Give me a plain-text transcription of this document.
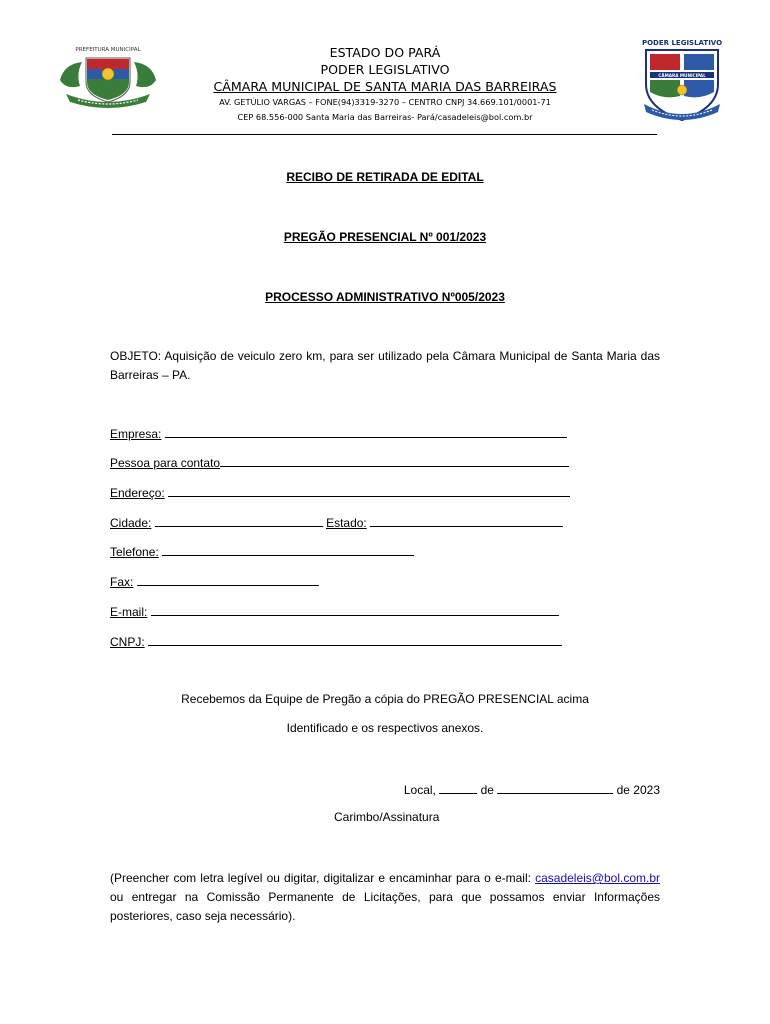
PREFEITURA MUNICIPAL
PODER LEGISLATIVO
CÂMARA MUNICIPAL
ESTADO DO PARÁ
PODER LEGISLATIVO
CÂMARA MUNICIPAL DE SANTA MARIA DAS BARREIRAS
AV. GETÚLIO VARGAS – FONE(94)3319-3270 – CENTRO CNPJ 34.669.101/0001-71
CEP 68.556-000 Santa Maria das Barreiras- Pará/casadeleis@bol.com.br
RECIBO DE RETIRADA DE EDITAL
PREGÃO PRESENCIAL Nº 001/2023
PROCESSO ADMINISTRATIVO Nº005/2023
OBJETO: Aquisição de veiculo zero km, para ser utilizado pela Câmara Municipal de Santa Maria das Barreiras – PA.
Empresa:
Pessoa para contato
Endereço:
Cidade:	Estado:
Telefone:
Fax:
E-mail:
CNPJ:
Recebemos da Equipe de Pregão a cópia do PREGÃO PRESENCIAL acima
Identificado e os respectivos anexos.
Local,	de	de 2023
Carimbo/Assinatura
(Preencher com letra legível ou digitar, digitalizar e encaminhar para o e-mail: casadeleis@bol.com.br ou entregar na Comissão Permanente de Licitações, para que possamos enviar Informações posteriores, caso seja necessário).
